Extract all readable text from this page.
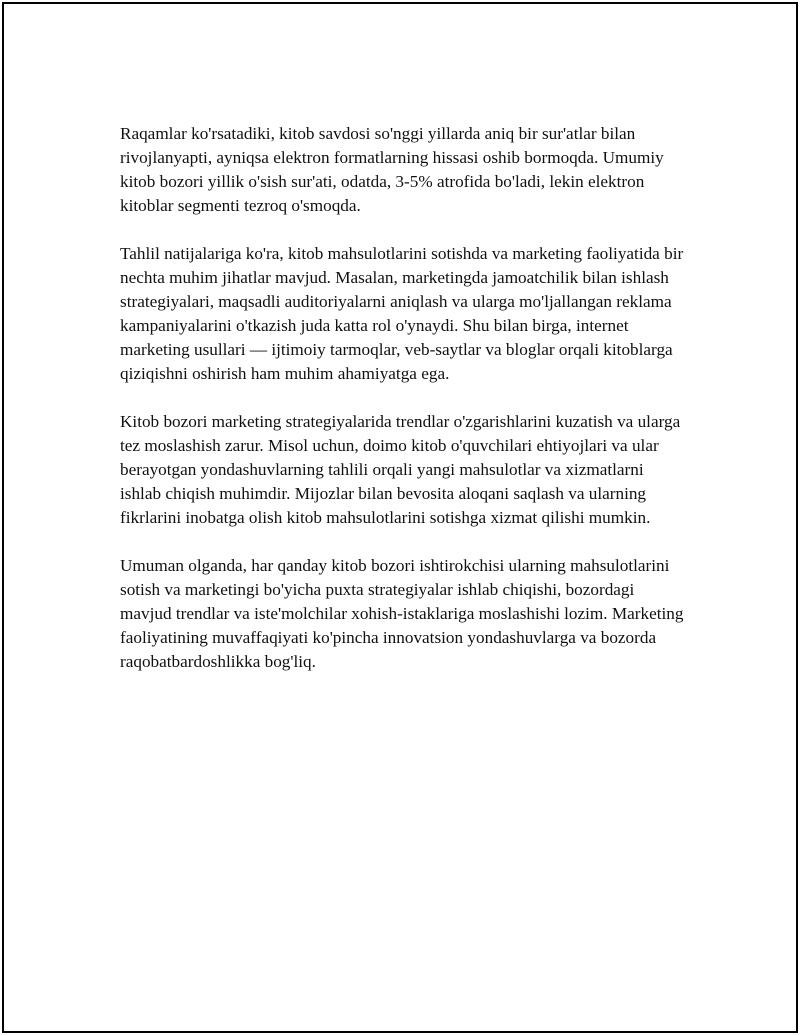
Raqamlar ko'rsatadiki, kitob savdosi so'nggi yillarda aniq bir sur'atlar bilan rivojlanyapti, ayniqsa elektron formatlarning hissasi oshib bormoqda. Umumiy kitob bozori yillik o'sish sur'ati, odatda, 3-5% atrofida bo'ladi, lekin elektron kitoblar segmenti tezroq o'smoqda.

Tahlil natijalariga ko'ra, kitob mahsulotlarini sotishda va marketing faoliyatida bir nechta muhim jihatlar mavjud. Masalan, marketingda jamoatchilik bilan ishlash strategiyalari, maqsadli auditoriyalarni aniqlash va ularga mo'ljallangan reklama kampaniyalarini o'tkazish juda katta rol o'ynaydi. Shu bilan birga, internet marketing usullari — ijtimoiy tarmoqlar, veb-saytlar va bloglar orqali kitoblarga qiziqishni oshirish ham muhim ahamiyatga ega.

Kitob bozori marketing strategiyalarida trendlar o'zgarishlarini kuzatish va ularga tez moslashish zarur. Misol uchun, doimo kitob o'quvchilari ehtiyojlari va ular berayotgan yondashuvlarning tahlili orqali yangi mahsulotlar va xizmatlarni ishlab chiqish muhimdir. Mijozlar bilan bevosita aloqani saqlash va ularning fikrlarini inobatga olish kitob mahsulotlarini sotishga xizmat qilishi mumkin.

Umuman olganda, har qanday kitob bozori ishtirokchisi ularning mahsulotlarini sotish va marketingi bo'yicha puxta strategiyalar ishlab chiqishi, bozordagi mavjud trendlar va iste'molchilar xohish-istaklariga moslashishi lozim. Marketing faoliyatining muvaffaqiyati ko'pincha innovatsion yondashuvlarga va bozorda raqobatbardoshlikka bog'liq.
